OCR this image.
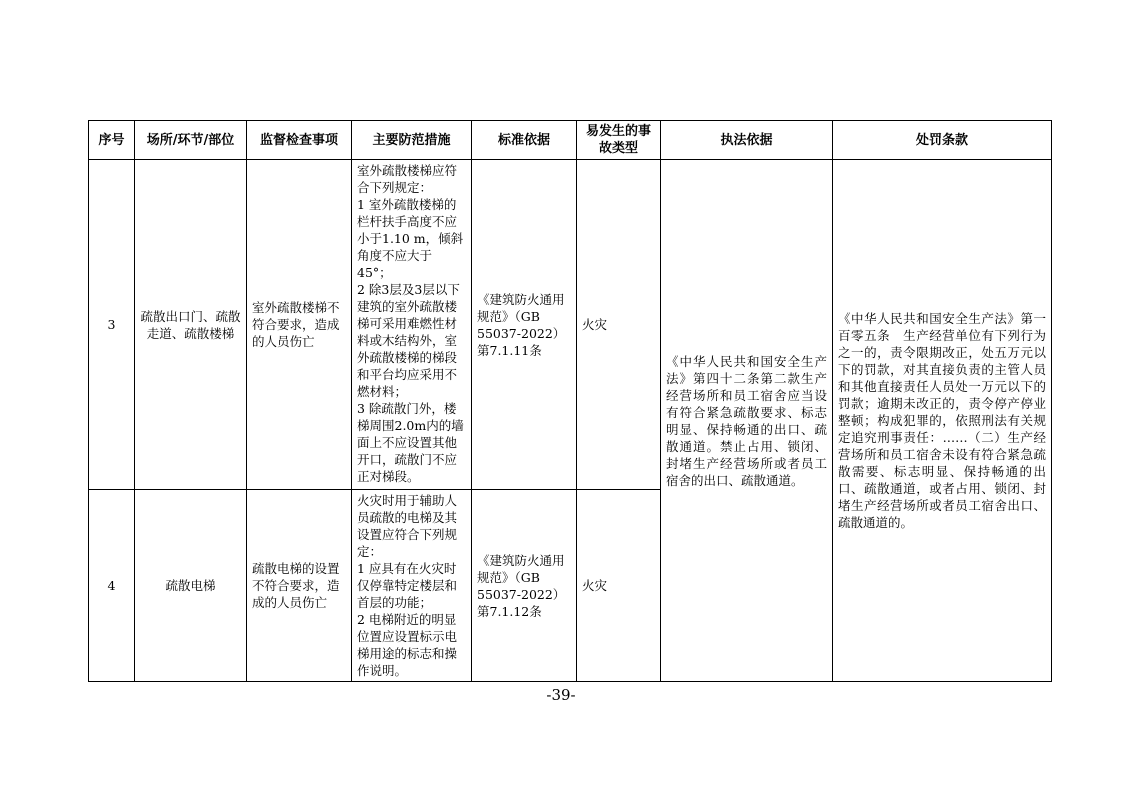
序号	场所/环节/部位	监督检查事项	主要防范措施	标准依据	易发生的事故类型	执法依据	处罚条款
3	疏散出口门、疏散走道、疏散楼梯	室外疏散楼梯不符合要求，造成的人员伤亡	室外疏散楼梯应符合下列规定：
1 室外疏散楼梯的栏杆扶手高度不应小于1.10 m，倾斜角度不应大于45°；
2 除3层及3层以下建筑的室外疏散楼梯可采用难燃性材料或木结构外，室外疏散楼梯的梯段和平台均应采用不燃材料；
3 除疏散门外，楼梯周围2.0m内的墙面上不应设置其他开口，疏散门不应正对梯段。	《建筑防火通用规范》（GB 55037-2022）第7.1.11条	火灾	《中华人民共和国安全生产法》第四十二条第二款生产经营场所和员工宿舍应当设有符合紧急疏散要求、标志明显、保持畅通的出口、疏散通道。禁止占用、锁闭、封堵生产经营场所或者员工宿舍的出口、疏散通道。	《中华人民共和国安全生产法》第一百零五条　生产经营单位有下列行为之一的，责令限期改正，处五万元以下的罚款，对其直接负责的主管人员和其他直接责任人员处一万元以下的罚款；逾期未改正的，责令停产停业整顿；构成犯罪的，依照刑法有关规定追究刑事责任：……（二）生产经营场所和员工宿舍未设有符合紧急疏散需要、标志明显、保持畅通的出口、疏散通道，或者占用、锁闭、封堵生产经营场所或者员工宿舍出口、疏散通道的。
4	疏散电梯	疏散电梯的设置不符合要求，造成的人员伤亡	火灾时用于辅助人员疏散的电梯及其设置应符合下列规定：
1 应具有在火灾时仅停靠特定楼层和首层的功能；
2 电梯附近的明显位置应设置标示电梯用途的标志和操作说明。	《建筑防火通用规范》（GB 55037-2022）第7.1.12条	火灾		
-39-
